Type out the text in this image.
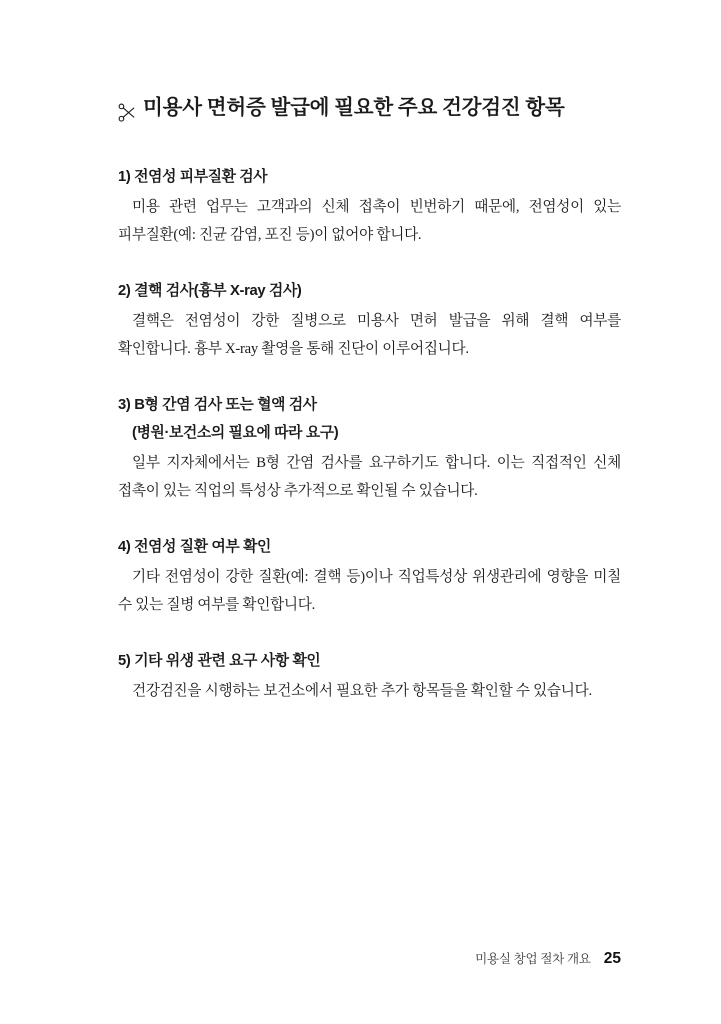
미용사 면허증 발급에 필요한 주요 건강검진 항목

1) 전염성 피부질환 검사

미용 관련 업무는 고객과의 신체 접촉이 빈번하기 때문에, 전염성이 있는 피부질환(예: 진균 감염, 포진 등)이 없어야 합니다.

2) 결핵 검사(흉부 X-ray 검사)

결핵은 전염성이 강한 질병으로 미용사 면허 발급을 위해 결핵 여부를 확인합니다. 흉부 X-ray 촬영을 통해 진단이 이루어집니다.

3) B형 간염 검사 또는 혈액 검사

(병원·보건소의 필요에 따라 요구)

일부 지자체에서는 B형 간염 검사를 요구하기도 합니다. 이는 직접적인 신체 접촉이 있는 직업의 특성상 추가적으로 확인될 수 있습니다.

4) 전염성 질환 여부 확인

기타 전염성이 강한 질환(예: 결핵 등)이나 직업특성상 위생관리에 영향을 미칠 수 있는 질병 여부를 확인합니다.

5) 기타 위생 관련 요구 사항 확인

건강검진을 시행하는 보건소에서 필요한 추가 항목들을 확인할 수 있습니다.

미용실 창업 절차 개요 25
